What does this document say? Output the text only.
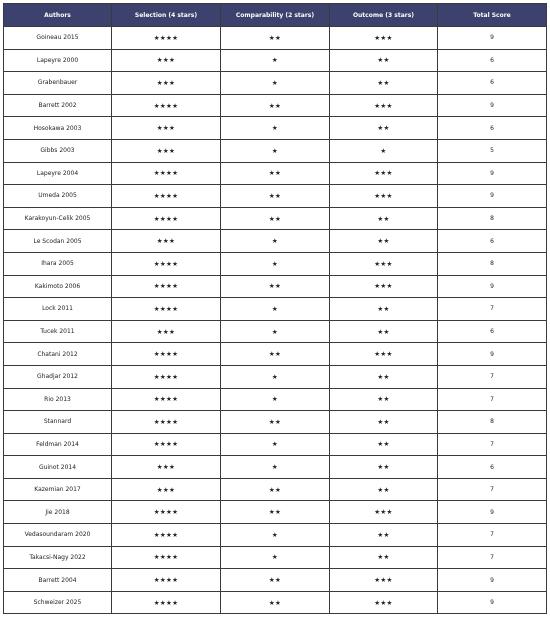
Authors	Selection (4 stars)	Comparability (2 stars)	Outcome (3 stars)	Total Score
Goineau 2015	★★★★	★★	★★★	9
Lapeyre 2000	★★★	★	★★	6
Grabenbauer	★★★	★	★★	6
Barrett 2002	★★★★	★★	★★★	9
Hosokawa 2003	★★★	★	★★	6
Gibbs 2003	★★★	★	★	5
Lapeyre 2004	★★★★	★★	★★★	9
Umeda 2005	★★★★	★★	★★★	9
Karakoyun-Celik 2005	★★★★	★★	★★	8
Le Scodan 2005	★★★	★	★★	6
Ihara 2005	★★★★	★	★★★	8
Kakimoto 2006	★★★★	★★	★★★	9
Lock 2011	★★★★	★	★★	7
Tucek 2011	★★★	★	★★	6
Chatani 2012	★★★★	★★	★★★	9
Ghadjar 2012	★★★★	★	★★	7
Rio 2013	★★★★	★	★★	7
Stannard	★★★★	★★	★★	8
Feldman 2014	★★★★	★	★★	7
Guinot 2014	★★★	★	★★	6
Kazemian 2017	★★★	★★	★★	7
Jie 2018	★★★★	★★	★★★	9
Vedasoundaram 2020	★★★★	★	★★	7
Takacsi-Nagy 2022	★★★★	★	★★	7
Barrett 2004	★★★★	★★	★★★	9
Schweizer 2025	★★★★	★★	★★★	9
